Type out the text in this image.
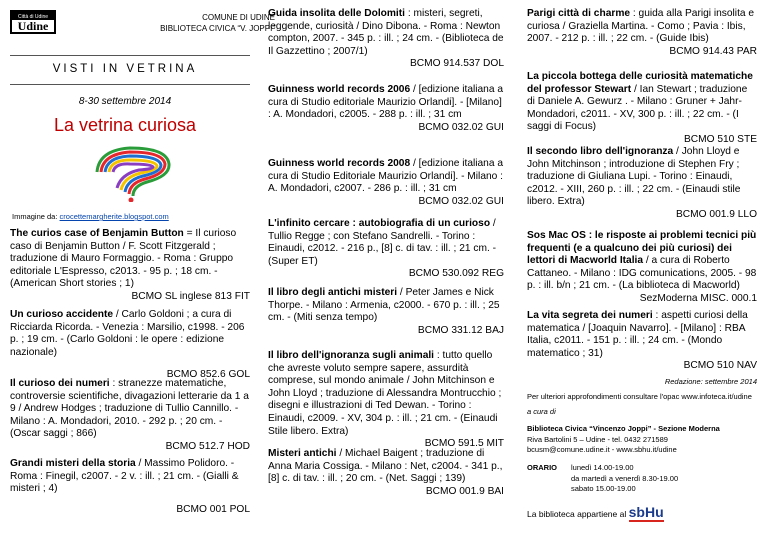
Udine
Città di Udine	COMUNE DI UDINE
BIBLIOTECA CIVICA “V. JOPPI”
VISTI IN VETRINA
8-30 settembre 2014
La vetrina curiosa
Immagine da: crocettemargherite.blogspot.com
The curios case of Benjamin Button = Il curioso caso di Benjamin Button / F. Scott Fitzgerald ; traduzione di Mauro Formaggio. - Roma : Gruppo editoriale L'Espresso, c2013. - 95 p. ; 18 cm. - (American Short stories ; 1)
BCMO SL inglese 813 FIT
Un curioso accidente / Carlo Goldoni ; a cura di Ricciarda Ricorda. - Venezia : Marsilio, c1998. - 206 p. ; 19 cm. - (Carlo Goldoni : le opere : edizione nazionale)
BCMO 852.6 GOL
Il curioso dei numeri : stranezze matematiche, controversie scientifiche, divagazioni letterarie da 1 a 9 / Andrew Hodges ; traduzione di Tullio Cannillo. - Milano : A. Mondadori, 2010. - 292 p. ; 20 cm. - (Oscar saggi ; 866)
BCMO 512.7 HOD
Grandi misteri della storia / Massimo Polidoro. - Roma : Finegil, c2007. - 2 v. : ill. ; 21 cm. - (Gialli & misteri ; 4)
BCMO 001 POL
Guida insolita delle Dolomiti : misteri, segreti, leggende, curiosità / Dino Dibona. - Roma : Newton compton, 2007. - 345 p. : ill. ; 24 cm. - (Biblioteca de Il Gazzettino ; 2007/1)
BCMO 914.537 DOL
Guinness world records 2006 / [edizione italiana a cura di Studio editoriale Maurizio Orlandi]. - [Milano] : A. Mondadori, c2005. - 288 p. : ill. ; 31 cm
BCMO 032.02 GUI
Guinness world records 2008 / [edizione italiana a cura di Studio Editoriale Maurizio Orlandi]. - Milano : A. Mondadori, c2007. - 286 p. : ill. ; 31 cm
BCMO 032.02 GUI
L'infinito cercare : autobiografia di un curioso / Tullio Regge ; con Stefano Sandrelli. - Torino : Einaudi, c2012. - 216 p., [8] c. di tav. : ill. ; 21 cm. - (Super ET)
BCMO 530.092 REG
Il libro degli antichi misteri / Peter James e Nick Thorpe. - Milano : Armenia, c2000. - 670 p. : ill. ; 25 cm. - (Miti senza tempo)
BCMO 331.12 BAJ
Il libro dell'ignoranza sugli animali : tutto quello che avreste voluto sempre sapere, assurdità comprese, sul mondo animale / John Mitchinson e John Lloyd ; traduzione di Alessandra Montrucchio ; disegni e illustrazioni di Ted Dewan. - Torino : Einaudi, c2009. - XV, 304 p. : ill. ; 21 cm. - (Einaudi Stile libero. Extra)
BCMO 591.5 MIT
Misteri antichi / Michael Baigent ; traduzione di Anna Maria Cossiga. - Milano : Net, c2004. - 341 p., [8] c. di tav. : ill. ; 20 cm. - (Net. Saggi ; 139)
BCMO 001.9 BAI
Parigi città di charme : guida alla Parigi insolita e curiosa / Graziella Martina. - Como ; Pavia : Ibis, 2007. - 212 p. : ill. ; 22 cm. - (Guide Ibis)
BCMO 914.43 PAR
La piccola bottega delle curiosità matematiche del professor Stewart / Ian Stewart ; traduzione di Daniele A. Gewurz . - Milano : Gruner + Jahr-Mondadori, c2011. - XV, 300 p. : ill. ; 22 cm. - (I saggi di Focus)
BCMO 510 STE
Il secondo libro dell'ignoranza / John Lloyd e John Mitchinson ; introduzione di Stephen Fry ; traduzione di Giuliana Lupi. - Torino : Einaudi, c2012. - XIII, 260 p. : ill. ; 22 cm. - (Einaudi stile libero. Extra)
BCMO 001.9 LLO
Sos Mac OS : le risposte ai problemi tecnici più frequenti (e a qualcuno dei più curiosi) dei lettori di Macworld Italia / a cura di Roberto Cattaneo. - Milano : IDG comunications, 2005. - 98 p. : ill. b/n ; 21 cm. - (La biblioteca di Macworld)
SezModerna MISC. 000.1
La vita segreta dei numeri : aspetti curiosi della matematica / [Joaquin Navarro]. - [Milano] : RBA Italia, c2011. - 151 p. : ill. ; 24 cm. - (Mondo matematico ; 31)
BCMO 510 NAV
Redazione: settembre 2014
Per ulteriori approfondimenti consultare l'opac www.infoteca.it/udine
a cura di
Biblioteca Civica “Vincenzo Joppi” - Sezione Moderna
Riva Bartolini 5 – Udine - tel. 0432 271589
bcusm@comune.udine.it - www.sbhu.it/udine
ORARIO lunedì 14.00-19.00
da martedì a venerdì 8.30-19.00
sabato 15.00-19.00
La biblioteca appartiene al sbHu
